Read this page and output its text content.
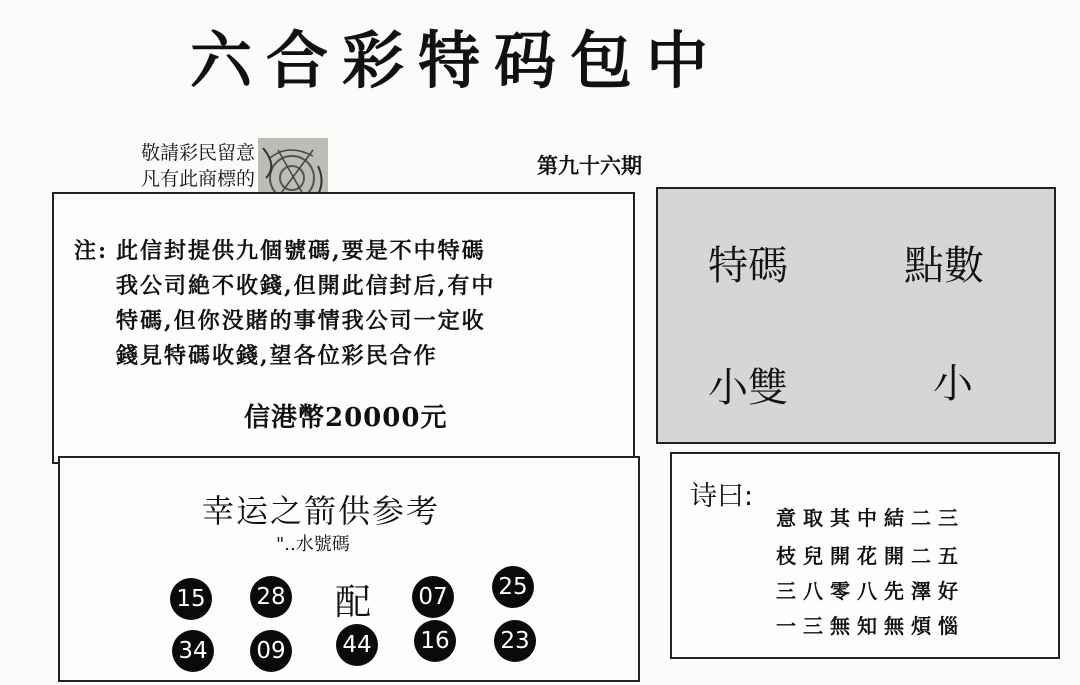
六合彩特码包中
敬請彩民留意
凡有此商標的
第九十六期
注: 此信封提供九個號碼,要是不中特碼
我公司絶不收錢,但開此信封后,有中
特碼,但你没賭的事情我公司一定收
錢見特碼收錢,望各位彩民合作
信港幣20000元
特碼	點數
小雙	小
幸运之箭供参考
"..水號碼
15 28 配 07 25
34 09 44 16 23
诗曰:
意取其中結二三
枝兒開花開二五
三八零八先澤好
一三無知無煩惱
